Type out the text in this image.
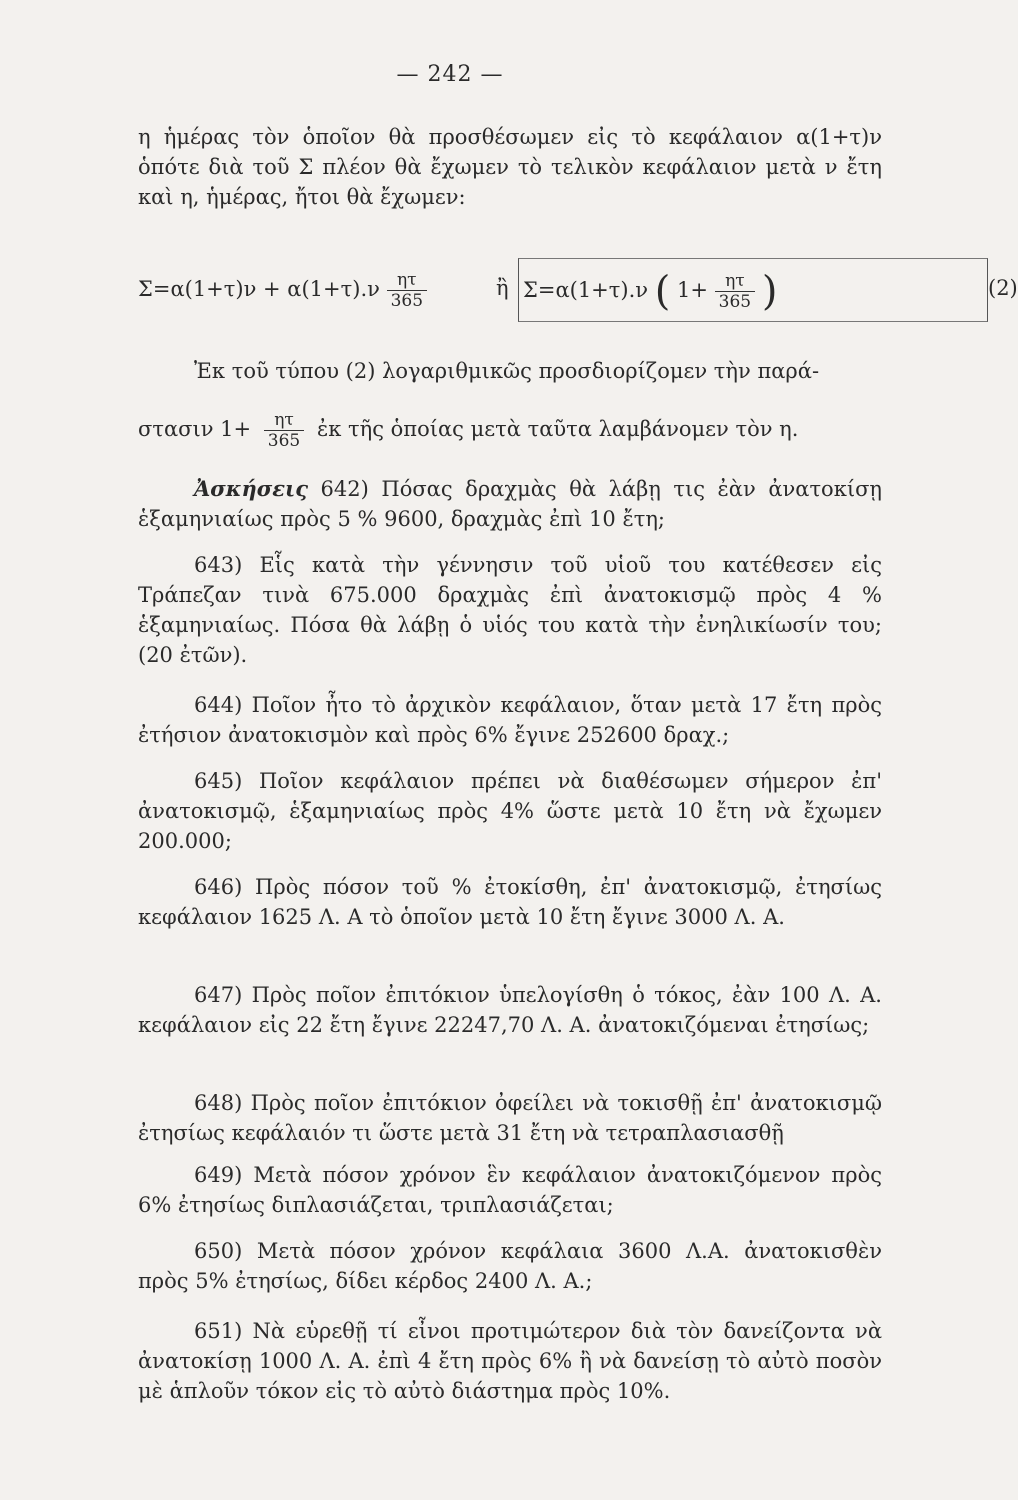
— 242 —
η ἡμέρας τὸν ὁποῖον θὰ προσθέσωμεν εἰς τὸ κεφάλαιον α(1+τ)ν ὁπότε διὰ τοῦ Σ πλέον θὰ ἔχωμεν τὸ τελικὸν κεφάλαιον μετὰ ν ἔτη καὶ η, ἡμέρας, ἤτοι θὰ ἔχωμεν:
$\Sigma=\alpha(1+\tau)\nu + \alpha(1+\tau).\nu \frac{\eta\tau}{365}$	ἢ Σ=α(1+τ).ν ( $1+ \frac{\eta\tau}{365}$ )	(2)
Ἐκ τοῦ τύπου (2) λογαριθμικῶς προσδιορίζομεν τὴν παρά-
στασιν $1+ \frac{\eta\tau}{365}$ ἐκ τῆς ὁποίας μετὰ ταῦτα λαμβάνομεν τὸν η.
Ἀσκήσεις 642) Πόσας δραχμὰς θὰ λάβῃ τις ἐὰν ἀνατοκίσῃ ἑξαμηνιαίως πρὸς 5 % 9600, δραχμὰς ἐπὶ 10 ἔτη;
643) Εἷς κατὰ τὴν γέννησιν τοῦ υἱοῦ του κατέθεσεν εἰς Τράπεζαν τινὰ 675.000 δραχμὰς ἐπὶ ἀνατοκισμῷ πρὸς 4 % ἑξαμηνιαίως. Πόσα θὰ λάβῃ ὁ υἱός του κατὰ τὴν ἐνηλικίωσίν του; (20 ἐτῶν).
644) Ποῖον ἦτο τὸ ἀρχικὸν κεφάλαιον, ὅταν μετὰ 17 ἔτη πρὸς ἐτήσιον ἀνατοκισμὸν καὶ πρὸς 6% ἔγινε 252600 δραχ.;
645) Ποῖον κεφάλαιον πρέπει νὰ διαθέσωμεν σήμερον ἐπ' ἀνατοκισμῷ, ἑξαμηνιαίως πρὸς 4% ὥστε μετὰ 10 ἔτη νὰ ἔχωμεν 200.000;
646) Πρὸς πόσον τοῦ % ἐτοκίσθη, ἐπ' ἀνατοκισμῷ, ἐτησίως κεφάλαιον 1625 Λ. Α τὸ ὁποῖον μετὰ 10 ἔτη ἔγινε 3000 Λ. Α.
647) Πρὸς ποῖον ἐπιτόκιον ὑπελογίσθη ὁ τόκος, ἐὰν 100 Λ. Α. κεφάλαιον εἰς 22 ἔτη ἔγινε 22247,70 Λ. Α. ἀνατοκιζόμεναι ἐτησίως;
648) Πρὸς ποῖον ἐπιτόκιον ὀφείλει νὰ τοκισθῇ ἐπ' ἀνατοκισμῷ ἐτησίως κεφάλαιόν τι ὥστε μετὰ 31 ἔτη νὰ τετραπλασιασθῇ
649) Μετὰ πόσον χρόνον ἓν κεφάλαιον ἀνατοκιζόμενον πρὸς 6% ἐτησίως διπλασιάζεται, τριπλασιάζεται;
650) Μετὰ πόσον χρόνον κεφάλαια 3600 Λ.Α. ἀνατοκισθὲν πρὸς 5% ἐτησίως, δίδει κέρδος 2400 Λ. Α.;
651) Νὰ εὑρεθῇ τί εἶνοι προτιμώτερον διὰ τὸν δανείζοντα νὰ ἀνατοκίσῃ 1000 Λ. Α. ἐπὶ 4 ἔτη πρὸς 6% ἢ νὰ δανείσῃ τὸ αὐτὸ ποσὸν μὲ ἁπλοῦν τόκον εἰς τὸ αὐτὸ διάστημα πρὸς 10%.
